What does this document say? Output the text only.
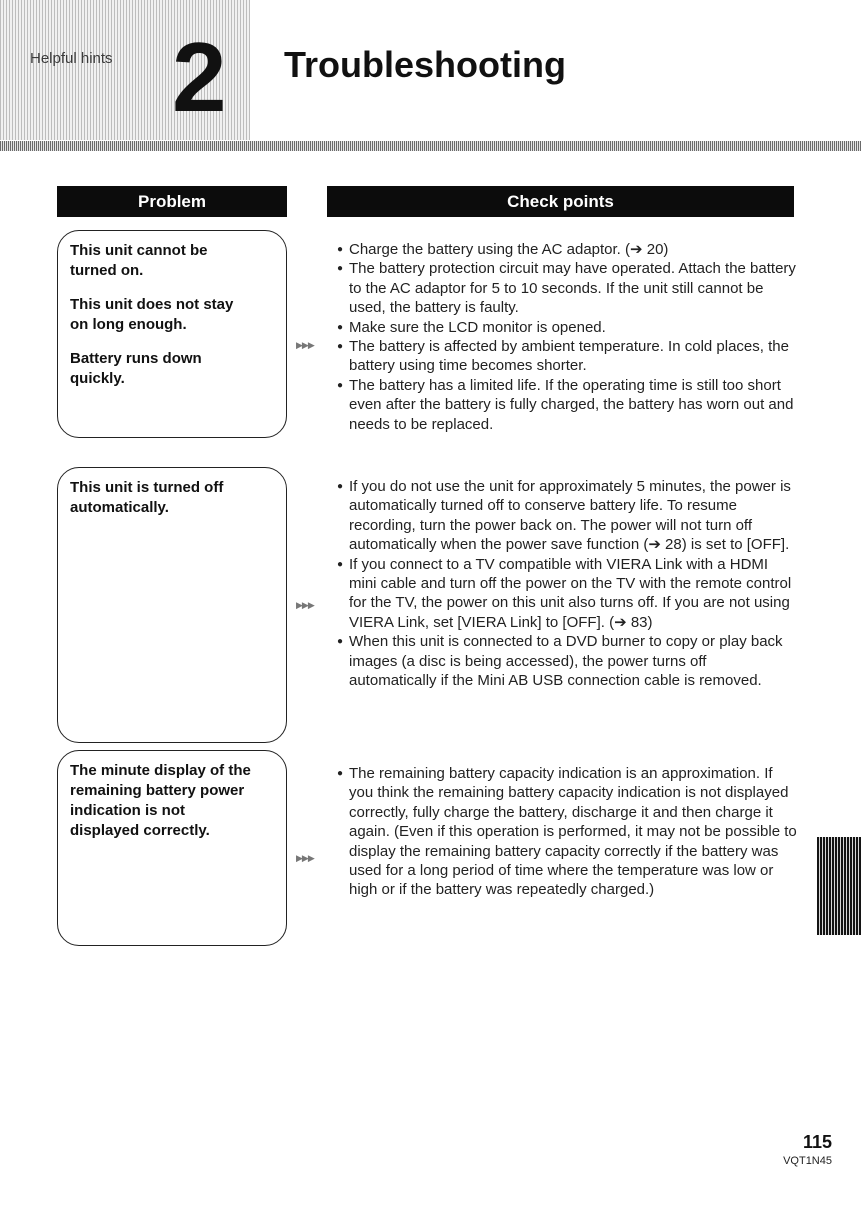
Helpful hints 2 Troubleshooting
Problem	Check points

This unit cannot be
turned on.

This unit does not stay
on long enough.

Battery runs down
quickly.

▶▶▶
● Charge the battery using the AC adaptor. (➔ 20)
● The battery protection circuit may have operated. Attach the battery to the AC adaptor for 5 to 10 seconds. If the unit still cannot be used, the battery is faulty.
● Make sure the LCD monitor is opened.
● The battery is affected by ambient temperature. In cold places, the battery using time becomes shorter.
● The battery has a limited life. If the operating time is still too short even after the battery is fully charged, the battery has worn out and needs to be replaced.

This unit is turned off
automatically.

▶▶▶
● If you do not use the unit for approximately 5 minutes, the power is automatically turned off to conserve battery life. To resume recording, turn the power back on. The power will not turn off automatically when the power save function (➔ 28) is set to [OFF].
● If you connect to a TV compatible with VIERA Link with a HDMI mini cable and turn off the power on the TV with the remote control for the TV, the power on this unit also turns off. If you are not using VIERA Link, set [VIERA Link] to [OFF]. (➔ 83)
● When this unit is connected to a DVD burner to copy or play back images (a disc is being accessed), the power turns off automatically if the Mini AB USB connection cable is removed.

The minute display of the
remaining battery power
indication is not
displayed correctly.

▶▶▶
● The remaining battery capacity indication is an approximation. If you think the remaining battery capacity indication is not displayed correctly, fully charge the battery, discharge it and then charge it again. (Even if this operation is performed, it may not be possible to display the remaining battery capacity correctly if the battery was used for a long period of time where the temperature was low or high or if the battery was repeatedly charged.)
115
VQT1N45
